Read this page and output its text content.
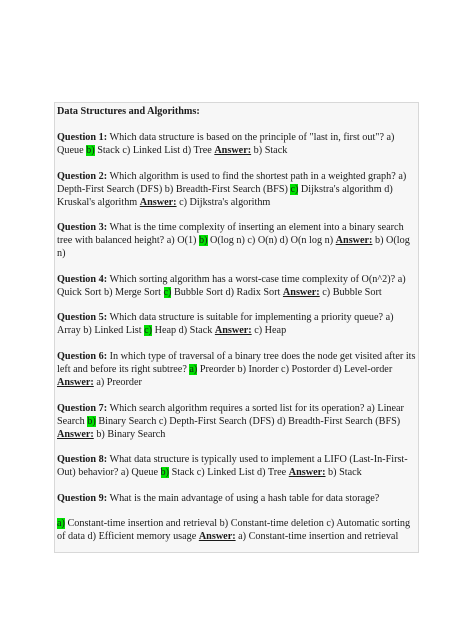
Data Structures and Algorithms:
Question 1: Which data structure is based on the principle of "last in, first out"? a) Queue b) Stack c) Linked List d) Tree Answer: b) Stack
Question 2: Which algorithm is used to find the shortest path in a weighted graph? a) Depth-First Search (DFS) b) Breadth-First Search (BFS) c) Dijkstra's algorithm d) Kruskal's algorithm Answer: c) Dijkstra's algorithm
Question 3: What is the time complexity of inserting an element into a binary search tree with balanced height? a) O(1) b) O(log n) c) O(n) d) O(n log n) Answer: b) O(log n)
Question 4: Which sorting algorithm has a worst-case time complexity of O(n^2)? a) Quick Sort b) Merge Sort c) Bubble Sort d) Radix Sort Answer: c) Bubble Sort
Question 5: Which data structure is suitable for implementing a priority queue? a) Array b) Linked List c) Heap d) Stack Answer: c) Heap
Question 6: In which type of traversal of a binary tree does the node get visited after its left and before its right subtree? a) Preorder b) Inorder c) Postorder d) Level-order Answer: a) Preorder
Question 7: Which search algorithm requires a sorted list for its operation? a) Linear Search b) Binary Search c) Depth-First Search (DFS) d) Breadth-First Search (BFS) Answer: b) Binary Search
Question 8: What data structure is typically used to implement a LIFO (Last-In-First-Out) behavior? a) Queue b) Stack c) Linked List d) Tree Answer: b) Stack
Question 9: What is the main advantage of using a hash table for data storage?
a) Constant-time insertion and retrieval b) Constant-time deletion c) Automatic sorting of data d) Efficient memory usage Answer: a) Constant-time insertion and retrieval
